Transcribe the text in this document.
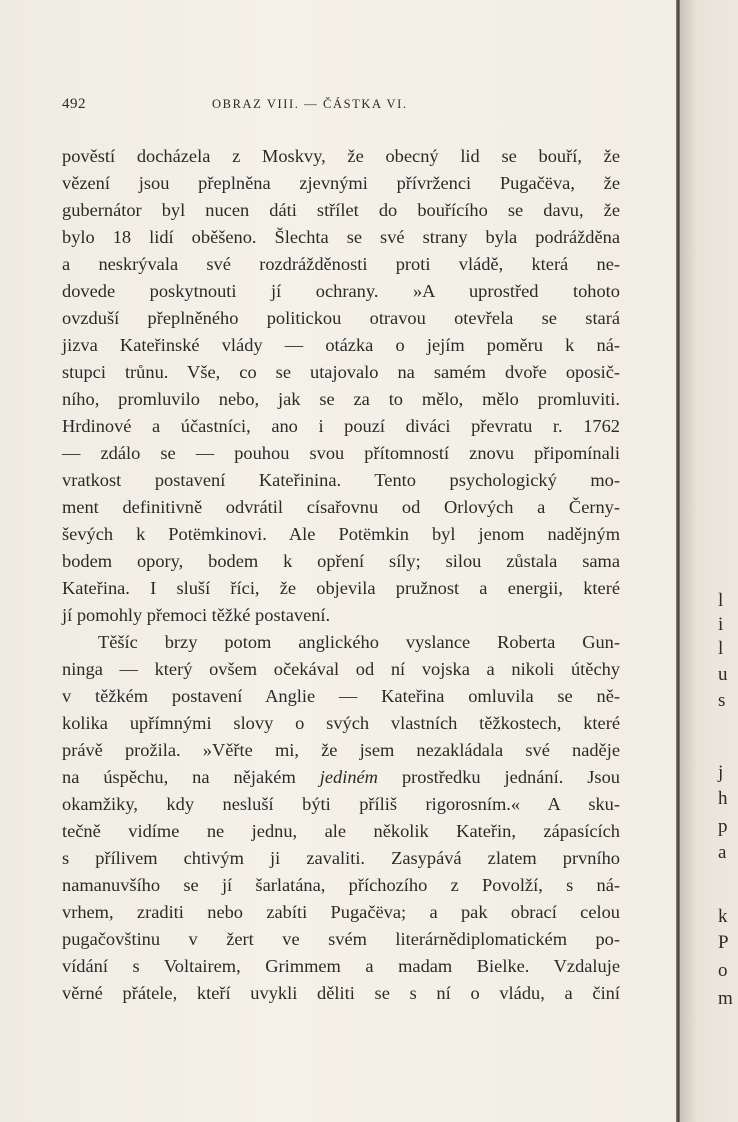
492	OBRAZ VIII. — ČÁSTKA VI.
pověstí docházela z Moskvy, že obecný lid se bouří, že
vězení jsou přeplněna zjevnými přívrženci Pugačëva, že
gubernátor byl nucen dáti střílet do bouřícího se davu, že
bylo 18 lidí oběšeno. Šlechta se své strany byla podrážděna
a neskrývala své rozdrážděnosti proti vládě, která ne-
dovede poskytnouti jí ochrany. »A uprostřed tohoto
ovzduší přeplněného politickou otravou otevřela se stará
jizva Kateřinské vlády — otázka o jejím poměru k ná-
stupci trůnu. Vše, co se utajovalo na samém dvoře oposič-
ního, promluvilo nebo, jak se za to mělo, mělo promluviti.
Hrdinové a účastníci, ano i pouzí diváci převratu r. 1762
— zdálo se — pouhou svou přítomností znovu připomínali
vratkost postavení Kateřinina. Tento psychologický mo-
ment definitivně odvrátil císařovnu od Orlových a Černy-
ševých k Potëmkinovi. Ale Potëmkin byl jenom nadějným
bodem opory, bodem k opření síly; silou zůstala sama
Kateřina. I sluší říci, že objevila pružnost a energii, které
jí pomohly přemoci těžké postavení.
Těšíc brzy potom anglického vyslance Roberta Gun-
ninga — který ovšem očekával od ní vojska a nikoli útěchy
v těžkém postavení Anglie — Kateřina omluvila se ně-
kolika upřímnými slovy o svých vlastních těžkostech, které
právě prožila. »Věřte mi, že jsem nezakládala své naděje
na úspěchu, na nějakém jediném prostředku jednání. Jsou
okamžiky, kdy nesluší býti příliš rigorosním.« A sku-
tečně vidíme ne jednu, ale několik Kateřin, zápasících
s přílivem chtivým ji zavaliti. Zasypává zlatem prvního
namanuvšího se jí šarlatána, příchozího z Povolží, s ná-
vrhem, zraditi nebo zabíti Pugačëva; a pak obrací celou
pugačovštinu v žert ve svém literárnědiplomatickém po-
vídání s Voltairem, Grimmem a madam Bielke. Vzdaluje
věrné přátele, kteří uvykli děliti se s ní o vládu, a činí
l
i
l
u
s
j
h
p
a
k
P
o
m
